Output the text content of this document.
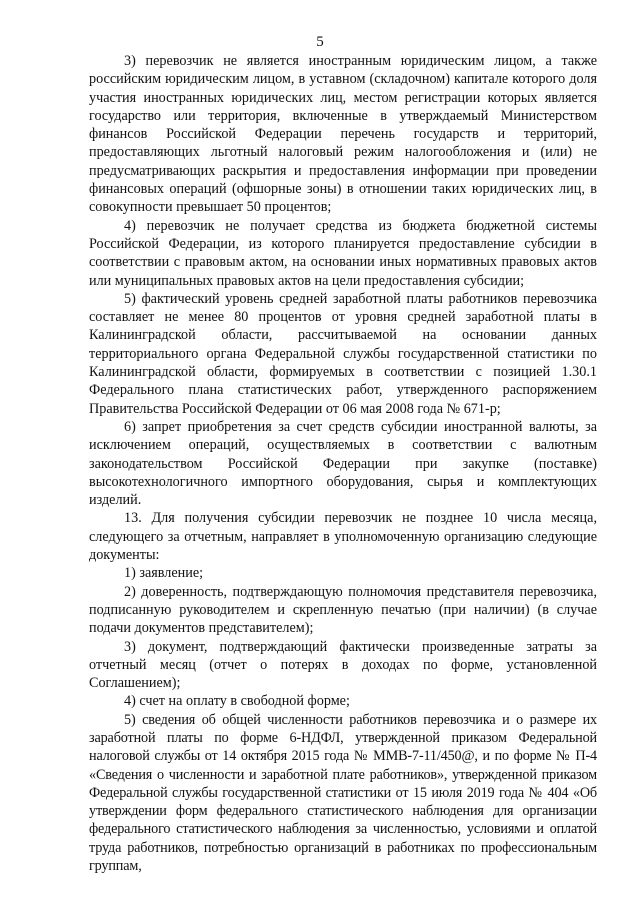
5

3) перевозчик не является иностранным юридическим лицом, а также российским юридическим лицом, в уставном (складочном) капитале которого доля участия иностранных юридических лиц, местом регистрации которых является государство или территория, включенные в утверждаемый Министерством финансов Российской Федерации перечень государств и территорий, предоставляющих льготный налоговый режим налогообложения и (или) не предусматривающих раскрытия и предоставления информации при проведении финансовых операций (офшорные зоны) в отношении таких юридических лиц, в совокупности превышает 50 процентов;

4) перевозчик не получает средства из бюджета бюджетной системы Российской Федерации, из которого планируется предоставление субсидии в соответствии с правовым актом, на основании иных нормативных правовых актов или муниципальных правовых актов на цели предоставления субсидии;

5) фактический уровень средней заработной платы работников перевозчика составляет не менее 80 процентов от уровня средней заработной платы в Калининградской области, рассчитываемой на основании данных территориального органа Федеральной службы государственной статистики по Калининградской области, формируемых в соответствии с позицией 1.30.1 Федерального плана статистических работ, утвержденного распоряжением Правительства Российской Федерации от 06 мая 2008 года № 671-р;

6) запрет приобретения за счет средств субсидии иностранной валюты, за исключением операций, осуществляемых в соответствии с валютным законодательством Российской Федерации при закупке (поставке) высокотехнологичного импортного оборудования, сырья и комплектующих изделий.

13. Для получения субсидии перевозчик не позднее 10 числа месяца, следующего за отчетным, направляет в уполномоченную организацию следующие документы:

1) заявление;

2) доверенность, подтверждающую полномочия представителя перевозчика, подписанную руководителем и скрепленную печатью (при наличии) (в случае подачи документов представителем);

3) документ, подтверждающий фактически произведенные затраты за отчетный месяц (отчет о потерях в доходах по форме, установленной Соглашением);

4) счет на оплату в свободной форме;

5) сведения об общей численности работников перевозчика и о размере их заработной платы по форме 6-НДФЛ, утвержденной приказом Федеральной налоговой службы от 14 октября 2015 года № ММВ-7-11/450@, и по форме № П-4 «Сведения о численности и заработной плате работников», утвержденной приказом Федеральной службы государственной статистики от 15 июля 2019 года № 404 «Об утверждении форм федерального статистического наблюдения для организации федерального статистического наблюдения за численностью, условиями и оплатой труда работников, потребностью организаций в работниках по профессиональным группам,
